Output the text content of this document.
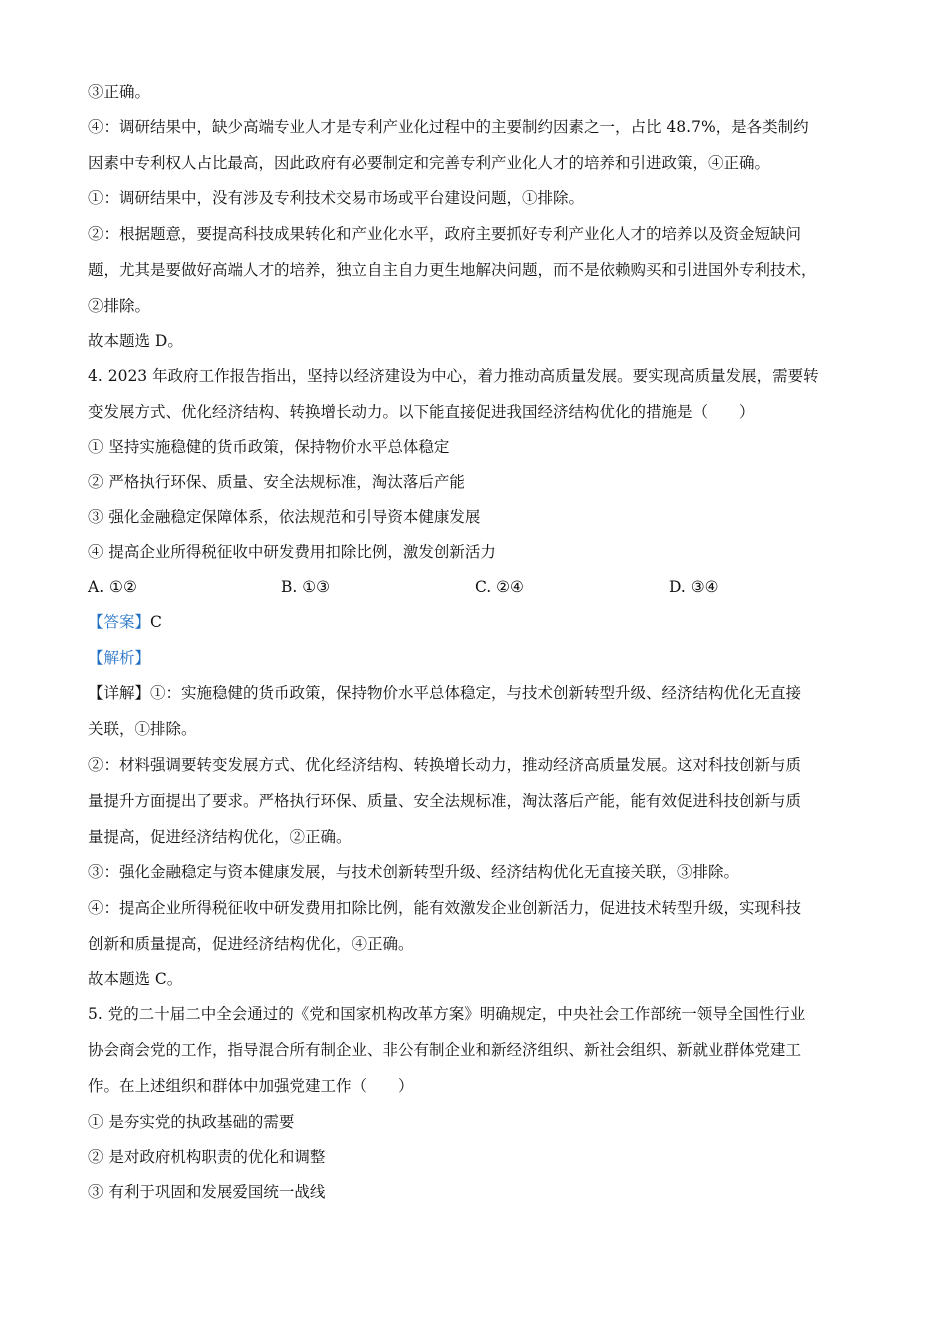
③正确。
④：调研结果中，缺少高端专业人才是专利产业化过程中的主要制约因素之一，占比 48.7%，是各类制约
因素中专利权人占比最高，因此政府有必要制定和完善专利产业化人才的培养和引进政策，④正确。
①：调研结果中，没有涉及专利技术交易市场或平台建设问题，①排除。
②：根据题意，要提高科技成果转化和产业化水平，政府主要抓好专利产业化人才的培养以及资金短缺问
题，尤其是要做好高端人才的培养，独立自主自力更生地解决问题，而不是依赖购买和引进国外专利技术，
②排除。
故本题选 D。
4. 2023 年政府工作报告指出，坚持以经济建设为中心，着力推动高质量发展。要实现高质量发展，需要转
变发展方式、优化经济结构、转换增长动力。以下能直接促进我国经济结构优化的措施是（　　）
① 坚持实施稳健的货币政策，保持物价水平总体稳定
② 严格执行环保、质量、安全法规标准，淘汰落后产能
③ 强化金融稳定保障体系，依法规范和引导资本健康发展
④ 提高企业所得税征收中研发费用扣除比例，激发创新活力
A. ①②	B. ①③	C. ②④	D. ③④
【答案】C
【解析】
【详解】①：实施稳健的货币政策，保持物价水平总体稳定，与技术创新转型升级、经济结构优化无直接
关联，①排除。
②：材料强调要转变发展方式、优化经济结构、转换增长动力，推动经济高质量发展。这对科技创新与质
量提升方面提出了要求。严格执行环保、质量、安全法规标准，淘汰落后产能，能有效促进科技创新与质
量提高，促进经济结构优化，②正确。
③：强化金融稳定与资本健康发展，与技术创新转型升级、经济结构优化无直接关联，③排除。
④：提高企业所得税征收中研发费用扣除比例，能有效激发企业创新活力，促进技术转型升级，实现科技
创新和质量提高，促进经济结构优化，④正确。
故本题选 C。
5. 党的二十届二中全会通过的《党和国家机构改革方案》明确规定，中央社会工作部统一领导全国性行业
协会商会党的工作，指导混合所有制企业、非公有制企业和新经济组织、新社会组织、新就业群体党建工
作。在上述组织和群体中加强党建工作（　　）
① 是夯实党的执政基础的需要
② 是对政府机构职责的优化和调整
③ 有利于巩固和发展爱国统一战线
